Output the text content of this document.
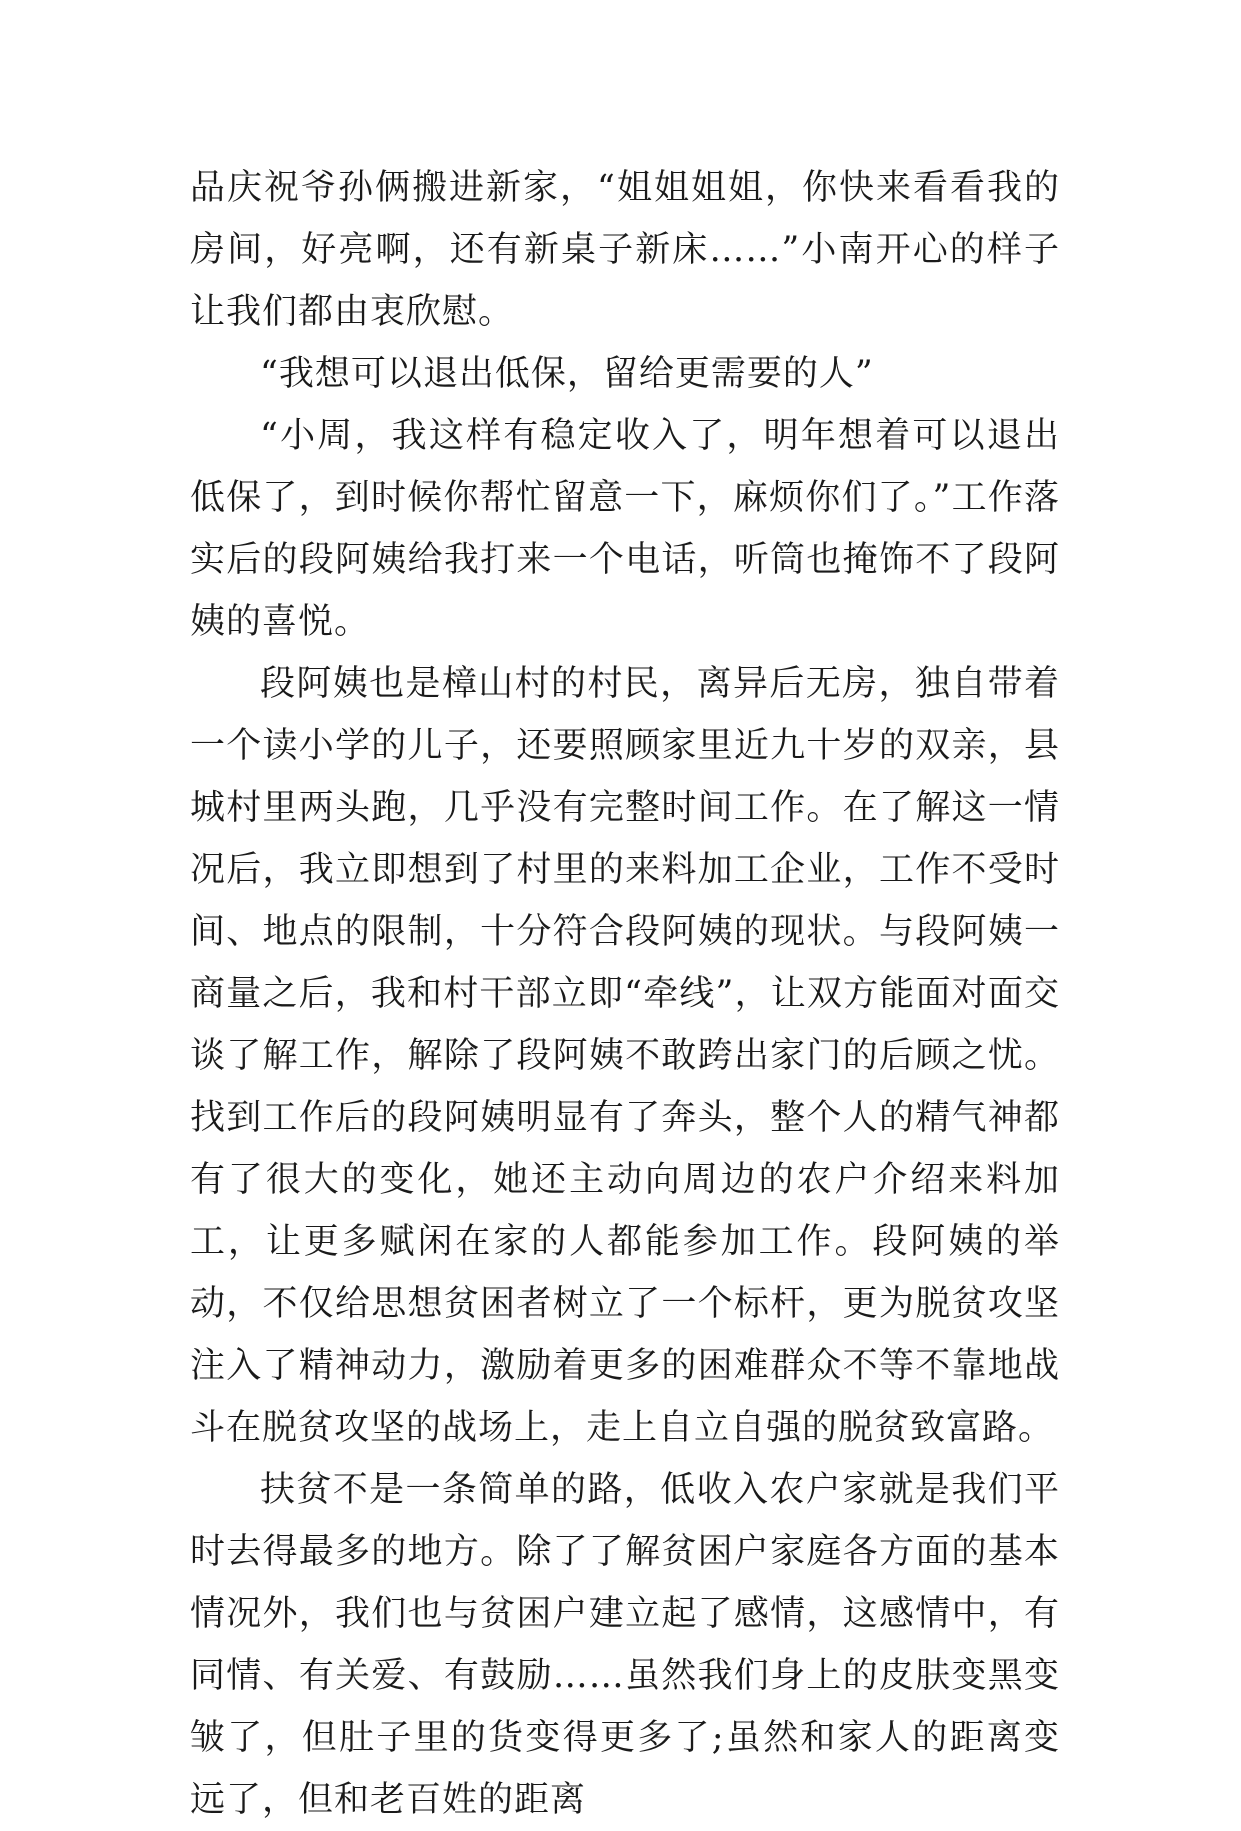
品庆祝爷孙俩搬进新家，“姐姐姐姐，你快来看看我的房间，好亮啊，还有新桌子新床……”小南开心的样子让我们都由衷欣慰。

“我想可以退出低保，留给更需要的人”

“小周，我这样有稳定收入了，明年想着可以退出低保了，到时候你帮忙留意一下，麻烦你们了。”工作落实后的段阿姨给我打来一个电话，听筒也掩饰不了段阿姨的喜悦。

段阿姨也是樟山村的村民，离异后无房，独自带着一个读小学的儿子，还要照顾家里近九十岁的双亲，县城村里两头跑，几乎没有完整时间工作。在了解这一情况后，我立即想到了村里的来料加工企业，工作不受时间、地点的限制，十分符合段阿姨的现状。与段阿姨一商量之后，我和村干部立即“牵线”，让双方能面对面交谈了解工作，解除了段阿姨不敢跨出家门的后顾之忧。找到工作后的段阿姨明显有了奔头，整个人的精气神都有了很大的变化，她还主动向周边的农户介绍来料加工，让更多赋闲在家的人都能参加工作。段阿姨的举动，不仅给思想贫困者树立了一个标杆，更为脱贫攻坚注入了精神动力，激励着更多的困难群众不等不靠地战斗在脱贫攻坚的战场上，走上自立自强的脱贫致富路。

扶贫不是一条简单的路，低收入农户家就是我们平时去得最多的地方。除了了解贫困户家庭各方面的基本情况外，我们也与贫困户建立起了感情，这感情中，有同情、有关爱、有鼓励……虽然我们身上的皮肤变黑变皱了，但肚子里的货变得更多了;虽然和家人的距离变远了，但和老百姓的距离
